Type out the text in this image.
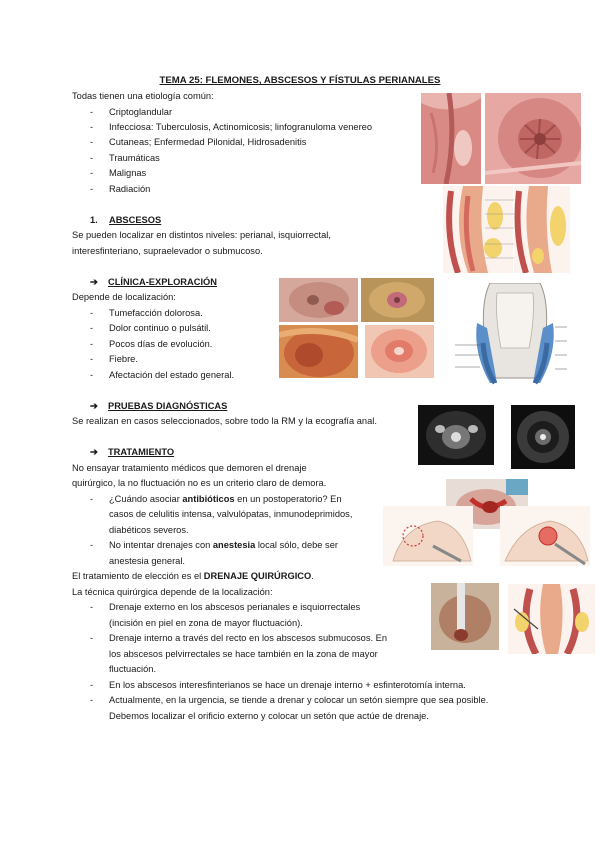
TEMA 25: FLEMONES, ABSCESOS Y FÍSTULAS PERIANALES
Todas tienen una etiología común:
- Criptoglandular
- Infecciosa: Tuberculosis, Actinomicosis; linfogranuloma venereo
- Cutaneas; Enfermedad Pilonidal, Hidrosadenitis
- Traumáticas
- Malignas
- Radiación
1. ABSCESOS
Se pueden localizar en distintos niveles: perianal, isquiorrectal,
interesfinteriano, supraelevador o submucoso.
➔ CLÍNICA-EXPLORACIÓN
Depende de localización:
- Tumefacción dolorosa.
- Dolor continuo o pulsátil.
- Pocos días de evolución.
- Fiebre.
- Afectación del estado general.
➔ PRUEBAS DIAGNÓSTICAS
Se realizan en casos seleccionados, sobre todo la RM y la ecografía anal.
➔ TRATAMIENTO
No ensayar tratamiento médicos que demoren el drenaje
quirúrgico, la no fluctuación no es un criterio claro de demora.
- ¿Cuándo asociar antibióticos en un postoperatorio? En
casos de celulitis intensa, valvulópatas, inmunodeprimidos,
diabéticos severos.
- No intentar drenajes con anestesia local sólo, debe ser
anestesia general.
El tratamiento de elección es el DRENAJE QUIRÚRGICO.
La técnica quirúrgica depende de la localización:
- Drenaje externo en los abscesos perianales e isquiorrectales
(incisión en piel en zona de mayor fluctuación).
- Drenaje interno a través del recto en los abscesos submucosos. En
los abscesos pelvirrectales se hace también en la zona de mayor
fluctuación.
- En los abscesos interesfinterianos se hace un drenaje interno + esfinterotomía interna.
- Actualmente, en la urgencia, se tiende a drenar y colocar un setón siempre que sea posible.
Debemos localizar el orificio externo y colocar un setón que actúe de drenaje.
